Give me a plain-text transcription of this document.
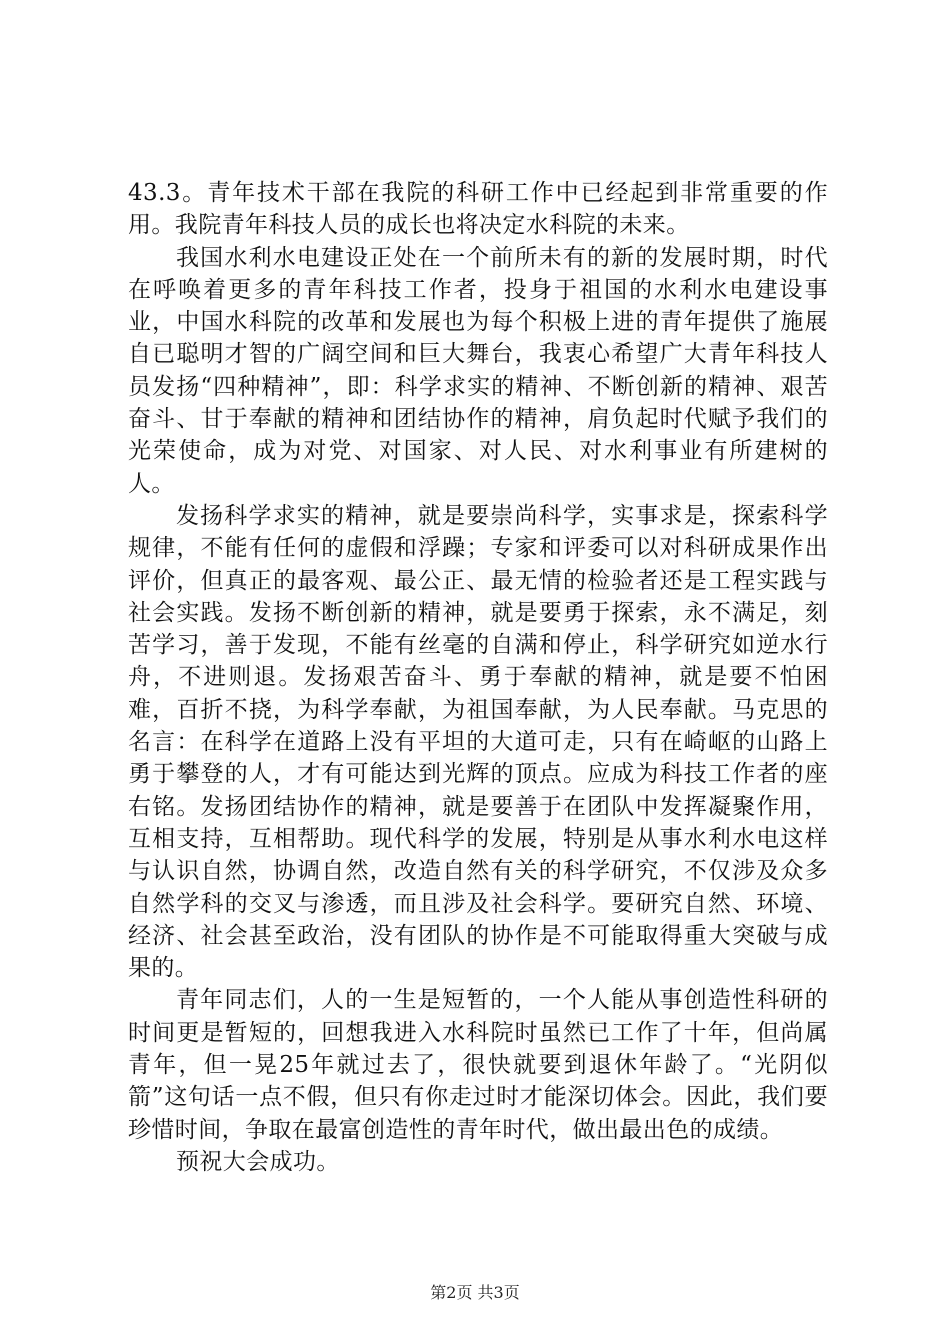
43.3。青年技术干部在我院的科研工作中已经起到非常重要的作用。我院青年科技人员的成长也将决定水科院的未来。

我国水利水电建设正处在一个前所未有的新的发展时期，时代在呼唤着更多的青年科技工作者，投身于祖国的水利水电建设事业，中国水科院的改革和发展也为每个积极上进的青年提供了施展自已聪明才智的广阔空间和巨大舞台，我衷心希望广大青年科技人员发扬“四种精神”，即：科学求实的精神、不断创新的精神、艰苦奋斗、甘于奉献的精神和团结协作的精神，肩负起时代赋予我们的光荣使命，成为对党、对国家、对人民、对水利事业有所建树的人。

发扬科学求实的精神，就是要崇尚科学，实事求是，探索科学规律，不能有任何的虚假和浮躁；专家和评委可以对科研成果作出评价，但真正的最客观、最公正、最无情的检验者还是工程实践与社会实践。发扬不断创新的精神，就是要勇于探索，永不满足，刻苦学习，善于发现，不能有丝毫的自满和停止，科学研究如逆水行舟，不进则退。发扬艰苦奋斗、勇于奉献的精神，就是要不怕困难，百折不挠，为科学奉献，为祖国奉献，为人民奉献。马克思的名言：在科学在道路上没有平坦的大道可走，只有在崎岖的山路上勇于攀登的人，才有可能达到光辉的顶点。应成为科技工作者的座右铭。发扬团结协作的精神，就是要善于在团队中发挥凝聚作用，互相支持，互相帮助。现代科学的发展，特别是从事水利水电这样与认识自然，协调自然，改造自然有关的科学研究，不仅涉及众多自然学科的交叉与渗透，而且涉及社会科学。要研究自然、环境、经济、社会甚至政治，没有团队的协作是不可能取得重大突破与成果的。

青年同志们，人的一生是短暂的，一个人能从事创造性科研的时间更是暂短的，回想我进入水科院时虽然已工作了十年，但尚属青年，但一晃25年就过去了，很快就要到退休年龄了。“光阴似箭”这句话一点不假，但只有你走过时才能深切体会。因此，我们要珍惜时间，争取在最富创造性的青年时代，做出最出色的成绩。

预祝大会成功。

第2页 共3页
